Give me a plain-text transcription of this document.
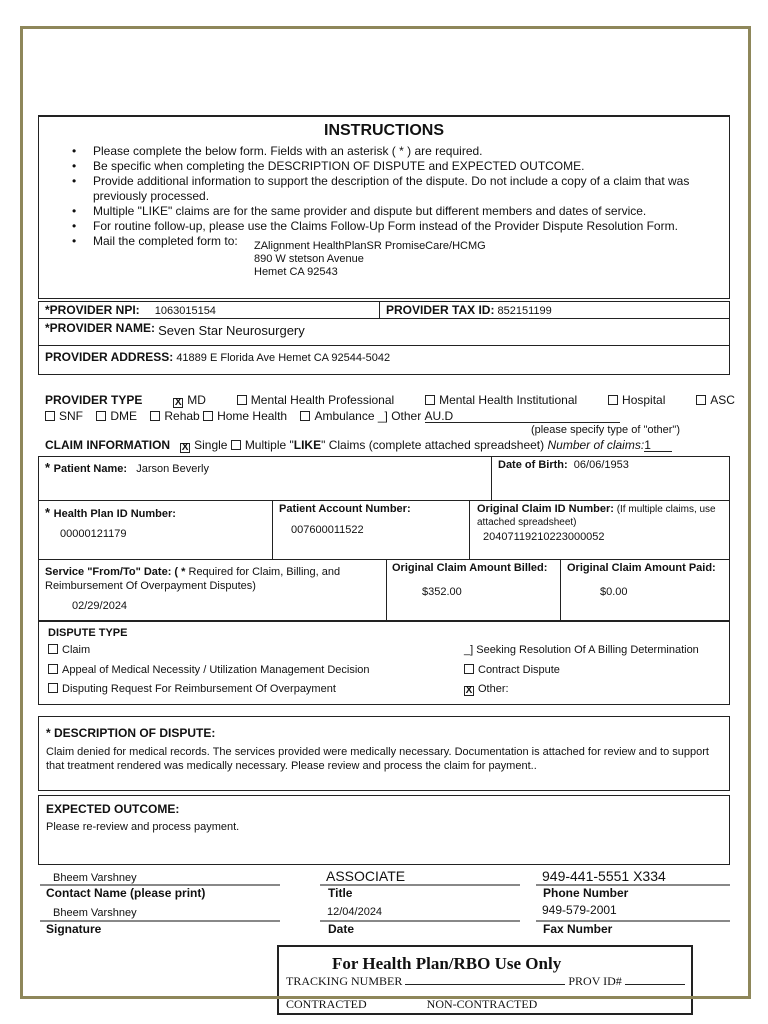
INSTRUCTIONS
• Please complete the below form. Fields with an asterisk ( * ) are required.
• Be specific when completing the DESCRIPTION OF DISPUTE and EXPECTED OUTCOME.
• Provide additional information to support the description of the dispute. Do not include a copy of a claim that was previously processed.
• Multiple "LIKE" claims are for the same provider and dispute but different members and dates of service.
• For routine follow-up, please use the Claims Follow-Up Form instead of the Provider Dispute Resolution Form.
• Mail the completed form to:	ZAlignment HealthPlanSR PromiseCare/HCMG
890 W stetson Avenue
Hemet CA 92543
*PROVIDER NPI: 1063015154	PROVIDER TAX ID: 852151199
*PROVIDER NAME: Seven Star Neurosurgery
PROVIDER ADDRESS: 41889 E Florida Ave Hemet CA 92544-5042
PROVIDER TYPE	X MD	Mental Health Professional	Mental Health Institutional	Hospital	ASC
SNF DME Rehab Home Health Ambulance _] Other AU.D
(please specify type of "other")
CLAIM INFORMATION X Single Multiple "LIKE" Claims (complete attached spreadsheet) Number of claims:1
* Patient Name: Jarson Beverly	Date of Birth: 06/06/1953
* Health Plan ID Number:
00000121179
Patient Account Number:
007600011522
Original Claim ID Number: (If multiple claims, use attached spreadsheet)
20407119210223000052
Service "From/To" Date: ( * Required for Claim, Billing, and Reimbursement Of Overpayment Disputes)
02/29/2024
Original Claim Amount Billed:
$352.00
Original Claim Amount Paid:
$0.00
DISPUTE TYPE
Claim
Appeal of Medical Necessity / Utilization Management Decision
Disputing Request For Reimbursement Of Overpayment
_] Seeking Resolution Of A Billing Determination
Contract Dispute
X Other:
* DESCRIPTION OF DISPUTE:
Claim denied for medical records. The services provided were medically necessary. Documentation is attached for review and to support that treatment rendered was medically necessary. Please review and process the claim for payment..
EXPECTED OUTCOME:
Please re-review and process payment.
Bheem Varshney
Contact Name (please print)
ASSOCIATE
Title
949-441-5551 X334
Phone Number
Bheem Varshney
Signature
12/04/2024
Date
949-579-2001
Fax Number
For Health Plan/RBO Use Only
TRACKING NUMBER	PROV ID#
CONTRACTED	NON-CONTRACTED
